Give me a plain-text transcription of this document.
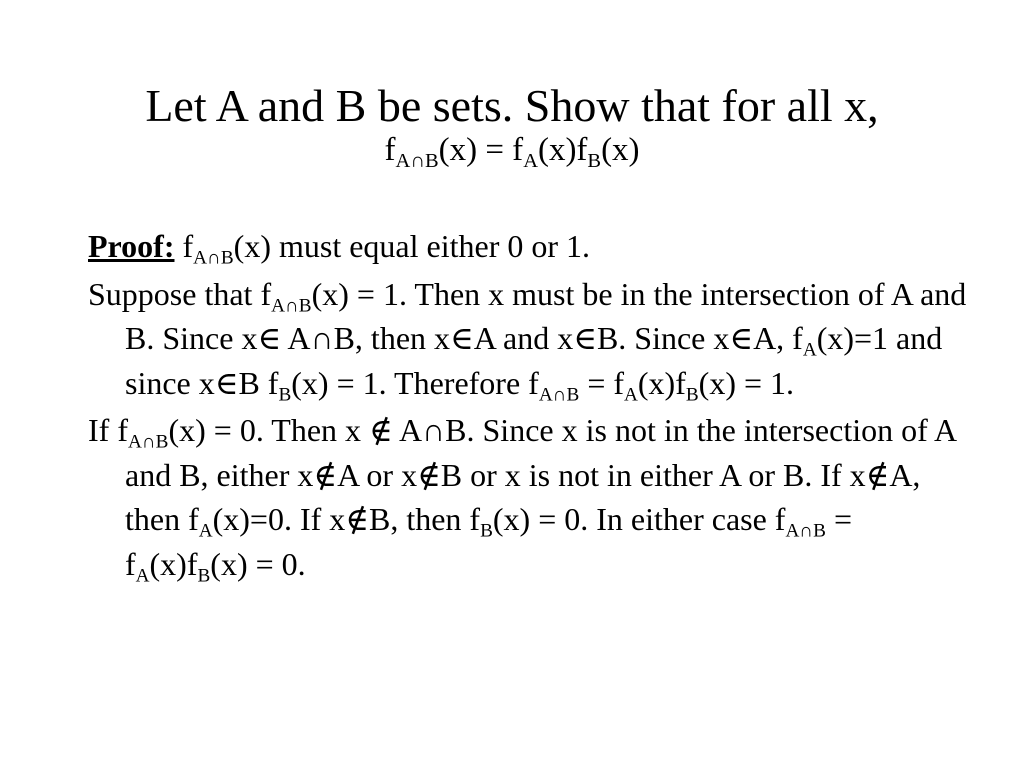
Let A and B be sets. Show that for all x,
$f_{A\cap B}(x) = f_A(x)f_B(x)$
Proof: $f_{A\cap B}(x)$ must equal either 0 or 1.
Suppose that $f_{A\cap B}(x) = 1$. Then x must be in the intersection of A and B. Since x∈ A∩B, then x∈A and x∈B. Since x∈A, $f_A(x)=1$ and since x∈B $f_B(x) = 1$. Therefore $f_{A\cap B} = f_A(x)f_B(x) = 1$.
If $f_{A\cap B}(x) = 0$. Then x ∉ A∩B. Since x is not in the intersection of A and B, either x∉A or x∉B or x is not in either A or B. If x∉A, then $f_A(x)=0$. If x∉B, then $f_B(x) = 0$. In either case $f_{A\cap B} = f_A(x)f_B(x) = 0$.
